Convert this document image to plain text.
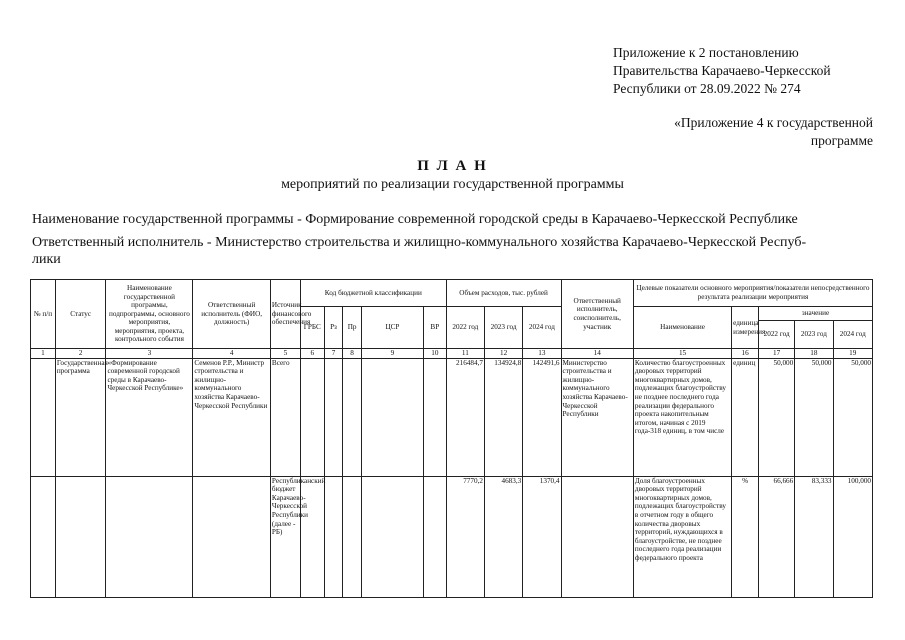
Приложение к 2 постановлению
Правительства Карачаево-Черкесской
Республики от 28.09.2022 № 274
«Приложение 4 к государственной
программе
П Л А Н
мероприятий по реализации государственной программы
Наименование государственной программы - Формирование современной городской среды в Карачаево-Черкесской Республике
Ответственный исполнитель - Министерство строительства и жилищно-коммунального хозяйства Карачаево-Черкесской Респуб-
лики
№ п/п	Статус	Наименование государственной программы, подпрограммы, основного мероприятия, мероприятия, проекта, контрольного события	Ответственный исполнитель (ФИО, должность)	Источник финансового обеспечения	Код бюджетной классификации					Объем расходов, тыс. рублей			Ответственный исполнитель, соисполнитель, участник	Целевые показатели основного мероприятия/показатели непосредственного результата реализации мероприятия				
					ГРБС	Рз	Пр	ЦСР	ВР	2022 год	2023 год	2024 год		Наименование	единица измерения	значение		
																2022 год	2023 год	2024 год
1	2	3	4	5	6	7	8	9	10	11	12	13	14	15	16	17	18	19
	Государственная программа	«Формирование современной городской среды в Карачаево-Черкесской Республике»	Семенов Р.Р., Министр строительства и жилищно-коммунального хозяйства Карачаево-Черкесской Республики	Всего						216484,7	134924,8	142491,6	Министерство строительства и жилищно-коммунального хозяйства Карачаево-Черкесской Республики	Количество благоустроенных дворовых территорий многоквартирных домов, подлежащих благоустройству не позднее последнего года реализации федерального проекта накопительным итогом, начиная с 2019 года-318 единиц, в том числе	единиц	50,000	50,000	50,000
				Республиканский бюджет Карачаево-Черкесской Республики (далее - РБ)						7770,2	4683,3	1370,4		Доля благоустроенных дворовых территорий многоквартирных домов, подлежащих благоустройству в отчетном году в общего количества дворовых территорий, нуждающихся в благоустройстве, не позднее последнего года реализации федерального проекта	%	66,666	83,333	100,000
